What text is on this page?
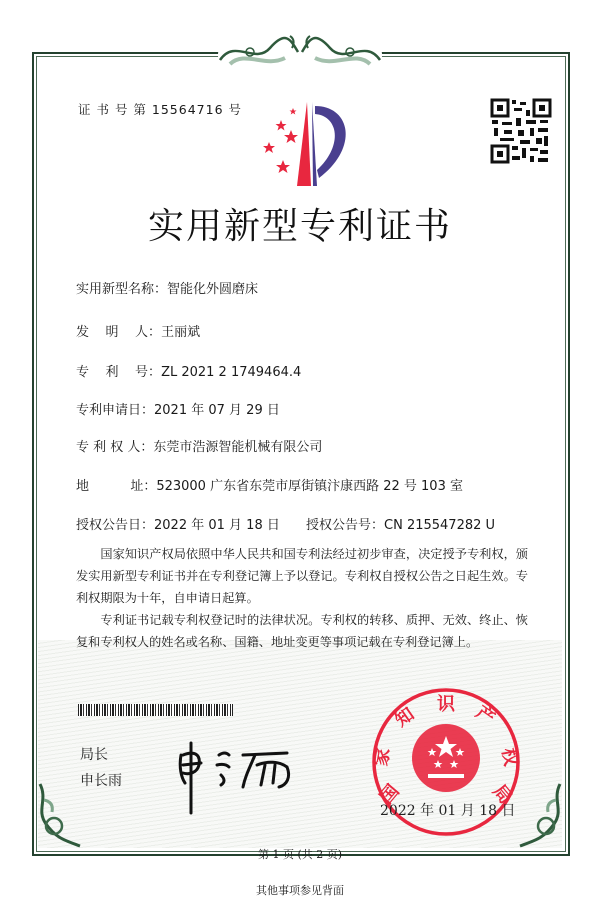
证 书 号 第 15564716 号
实用新型专利证书
实用新型名称：智能化外圆磨床
发    明    人：王丽斌
专    利    号：ZL 2021 2 1749464.4
专利申请日：2021 年 07 月 29 日
专 利 权 人：东莞市浩源智能机械有限公司
地          址：523000 广东省东莞市厚街镇汴康西路 22 号 103 室
授权公告日：2022 年 01 月 18 日 授权公告号：CN 215547282 U

国家知识产权局依照中华人民共和国专利法经过初步审查，决定授予专利权，颁发实用新型专利证书并在专利登记簿上予以登记。专利权自授权公告之日起生效。专利权期限为十年，自申请日起算。

专利证书记载专利权登记时的法律状况。专利权的转移、质押、无效、终止、恢复和专利权人的姓名或名称、国籍、地址变更等事项记载在专利登记簿上。

局长
申长雨	国
家
知 识 产
权
局
2022 年 01 月 18 日
第 1 页 (共 2 页)
其他事项参见背面
